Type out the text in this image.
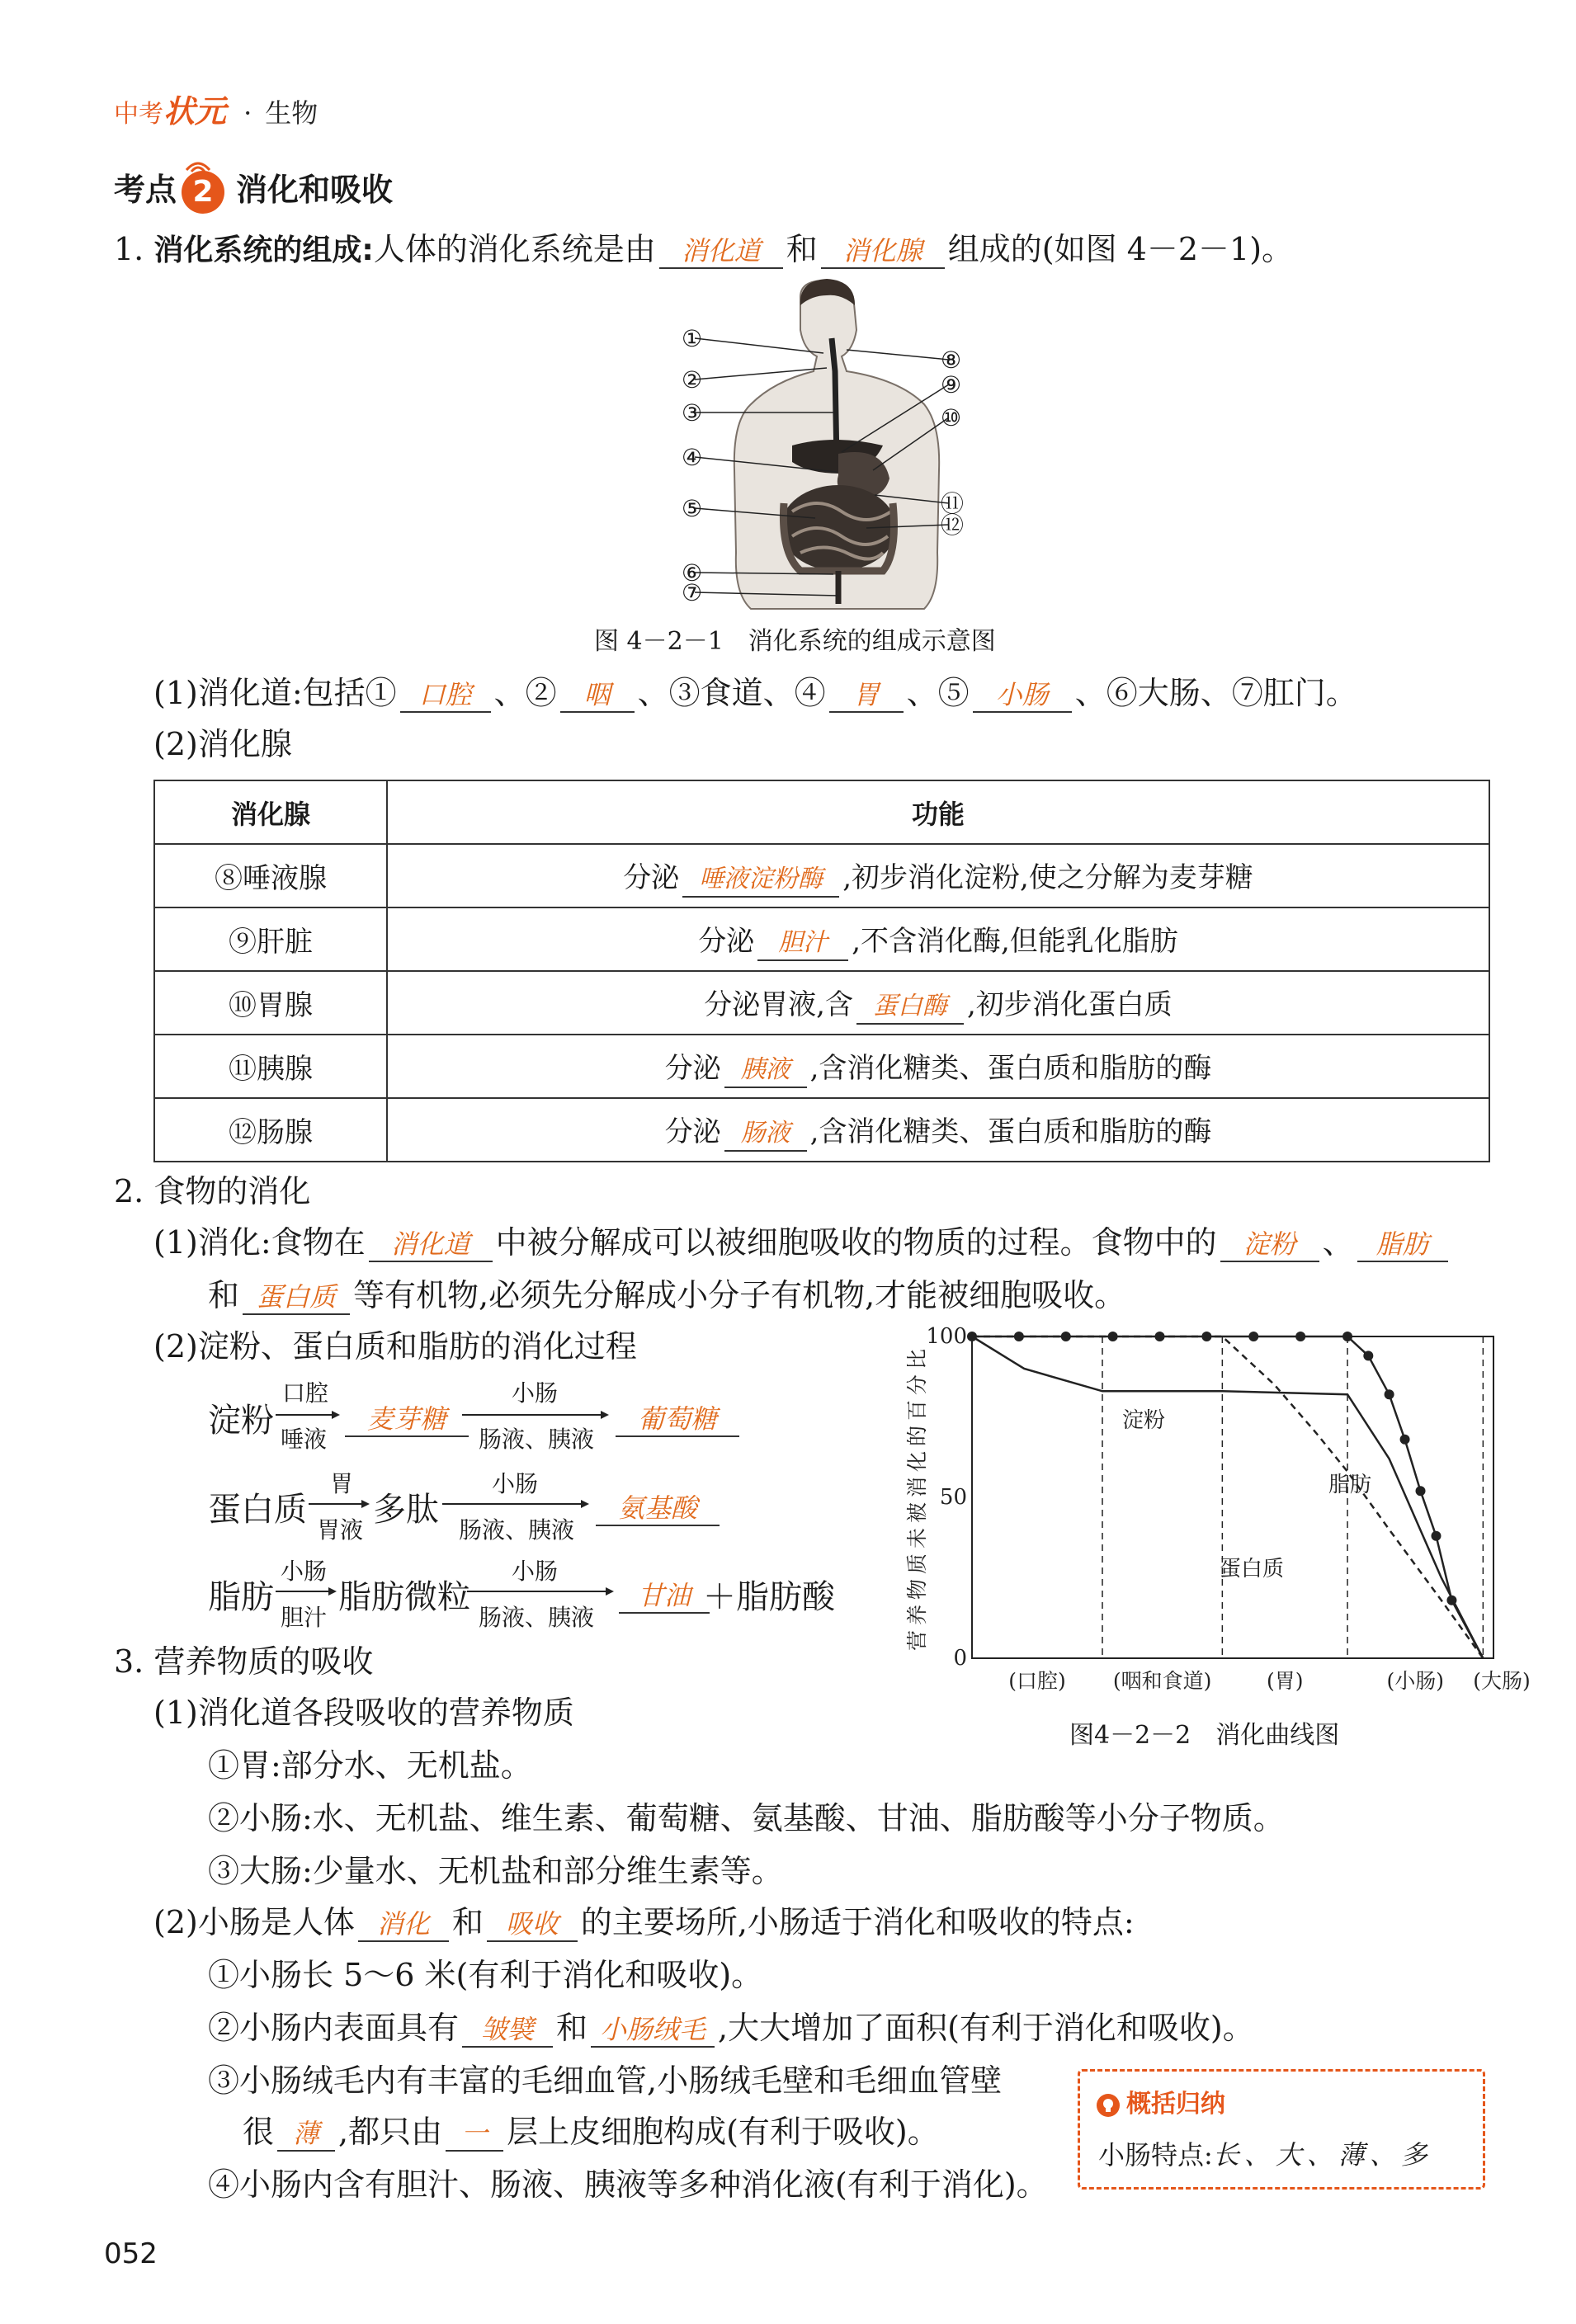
中考状元 · 生物
考点 2 消化和吸收
1. 消化系统的组成:人体的消化系统是由 消化道 和 消化腺 组成的(如图 4－2－1)。
①
②
③
④
⑤
⑥
⑦
⑧
⑨
⑩
⑪
⑫
图 4－2－1　消化系统的组成示意图
(1)消化道:包括① 口腔 、② 咽 、③食道、④ 胃 、⑤ 小肠 、⑥大肠、⑦肛门。
(2)消化腺
消化腺	功能
⑧唾液腺	分泌 唾液淀粉酶 ,初步消化淀粉,使之分解为麦芽糖
⑨肝脏	分泌 胆汁 ,不含消化酶,但能乳化脂肪
⑩胃腺	分泌胃液,含 蛋白酶 ,初步消化蛋白质
⑪胰腺	分泌 胰液 ,含消化糖类、蛋白质和脂肪的酶
⑫肠腺	分泌 肠液 ,含消化糖类、蛋白质和脂肪的酶
2. 食物的消化
(1)消化:食物在 消化道 中被分解成可以被细胞吸收的物质的过程。食物中的 淀粉 、 脂肪
和 蛋白质 等有机物,必须先分解成小分子有机物,才能被细胞吸收。
(2)淀粉、蛋白质和脂肪的消化过程
淀粉
口腔
唾液
麦芽糖
小肠
肠液、胰液
葡萄糖
蛋白质
胃
胃液
多肽
小肠
肠液、胰液
氨基酸
脂肪
小肠
胆汁
脂肪微粒
小肠
肠液、胰液
甘油 ＋脂肪酸
0
50
100
营养物质未被消化的百分比
(口腔) (咽和食道)	(胃)	(小肠) (大肠)
淀粉
蛋白质
脂肪
图4－2－2　消化曲线图
3. 营养物质的吸收
(1)消化道各段吸收的营养物质
①胃:部分水、无机盐。
②小肠:水、无机盐、维生素、葡萄糖、氨基酸、甘油、脂肪酸等小分子物质。
③大肠:少量水、无机盐和部分维生素等。
(2)小肠是人体 消化 和 吸收 的主要场所,小肠适于消化和吸收的特点:
①小肠长 5～6 米(有利于消化和吸收)。
②小肠内表面具有 皱襞 和 小肠绒毛 ,大大增加了面积(有利于消化和吸收)。
③小肠绒毛内有丰富的毛细血管,小肠绒毛壁和毛细血管壁
很 薄 ,都只由 一 层上皮细胞构成(有利于吸收)。
④小肠内含有胆汁、肠液、胰液等多种消化液(有利于消化)。
概括归纳
小肠特点:长、大、薄、多
052
